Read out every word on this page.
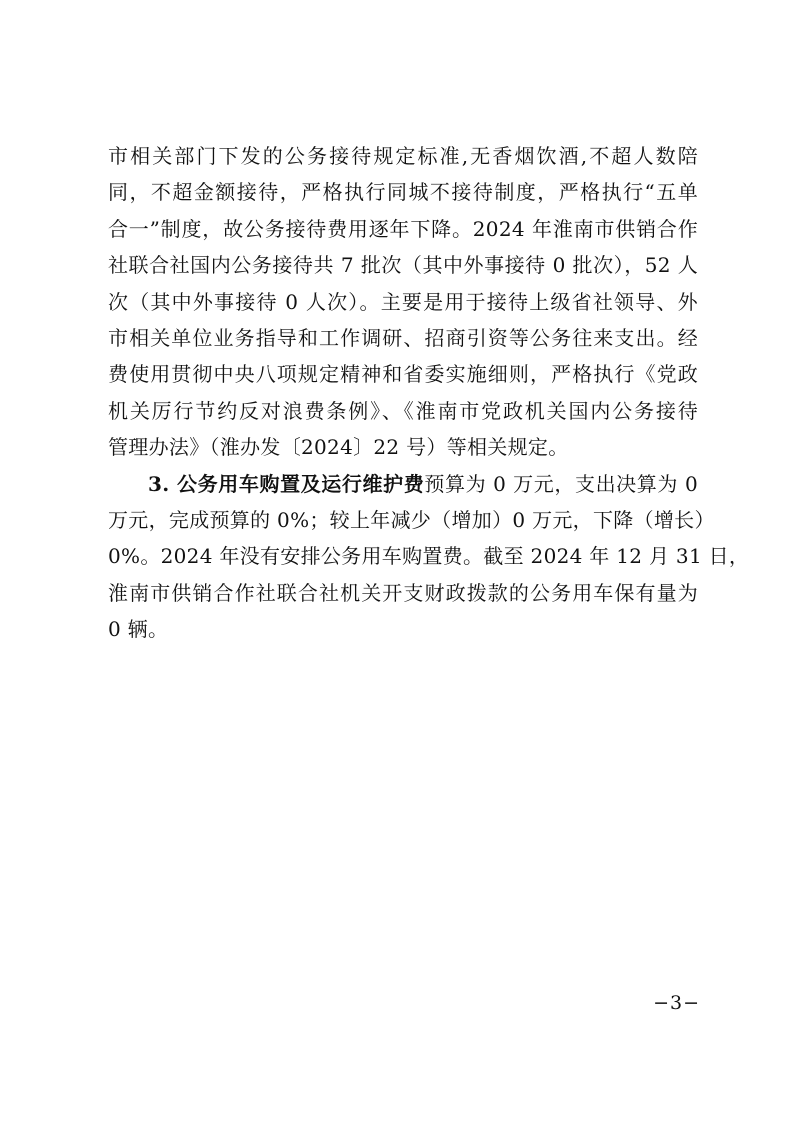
市相关部门下发的公务接待规定标准,无香烟饮酒,不超人数陪
同，不超金额接待，严格执行同城不接待制度，严格执行“五单
合一”制度，故公务接待费用逐年下降。2024 年淮南市供销合作
社联合社国内公务接待共 7 批次（其中外事接待 0 批次），52 人
次（其中外事接待 0 人次）。主要是用于接待上级省社领导、外
市相关单位业务指导和工作调研、招商引资等公务往来支出。经
费使用贯彻中央八项规定精神和省委实施细则，严格执行《党政
机关厉行节约反对浪费条例》、《淮南市党政机关国内公务接待
管理办法》（淮办发〔2024〕22 号）等相关规定。
3. 公务用车购置及运行维护费预算为 0 万元，支出决算为 0
万元，完成预算的 0%；较上年减少（增加）0 万元，下降（增长）
0%。2024 年没有安排公务用车购置费。截至 2024 年 12 月 31 日，
淮南市供销合作社联合社机关开支财政拨款的公务用车保有量为
0 辆。
−3−
